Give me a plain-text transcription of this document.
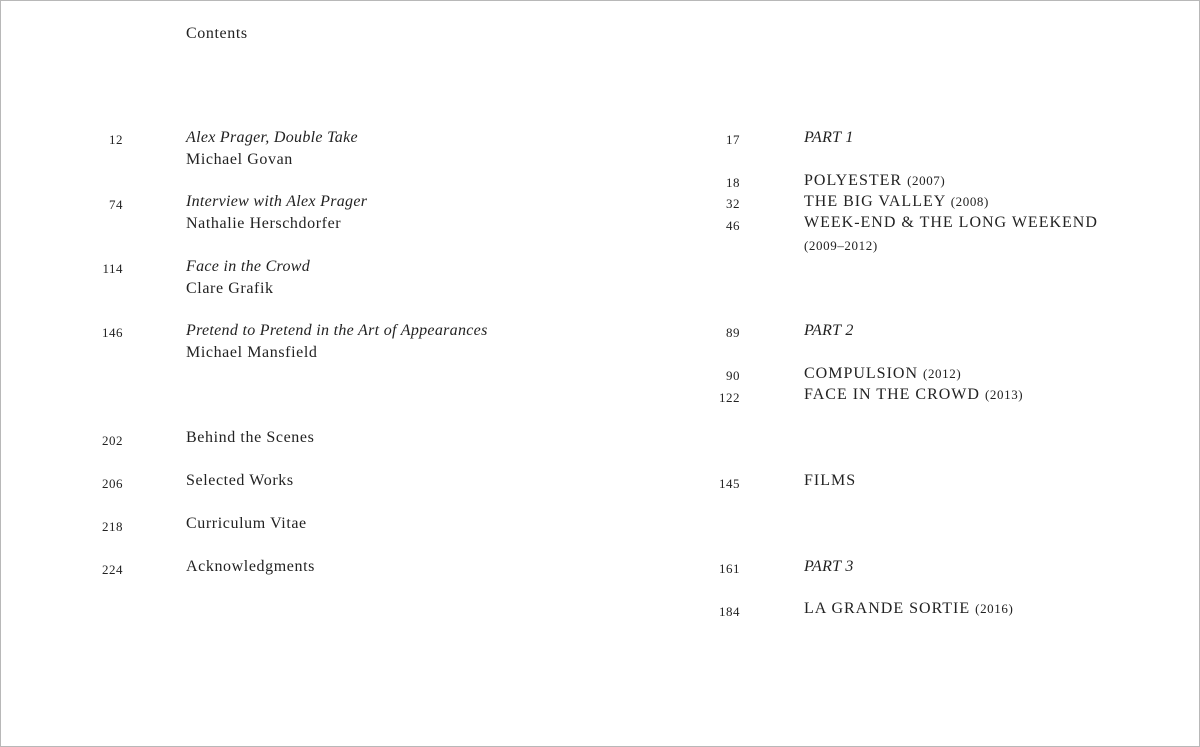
Contents
12	Alex Prager, Double Take
Michael Govan
74	Interview with Alex Prager
Nathalie Herschdorfer
114	Face in the Crowd
Clare Grafik
146	Pretend to Pretend in the Art of Appearances
Michael Mansfield
202	Behind the Scenes
206	Selected Works
218	Curriculum Vitae
224	Acknowledgments
17	PART 1
18	POLYESTER (2007)
32	THE BIG VALLEY (2008)
46	WEEK-END & THE LONG WEEKEND
(2009–2012)
89	PART 2
90	COMPULSION (2012)
122	FACE IN THE CROWD (2013)
145	FILMS
161	PART 3
184	LA GRANDE SORTIE (2016)
